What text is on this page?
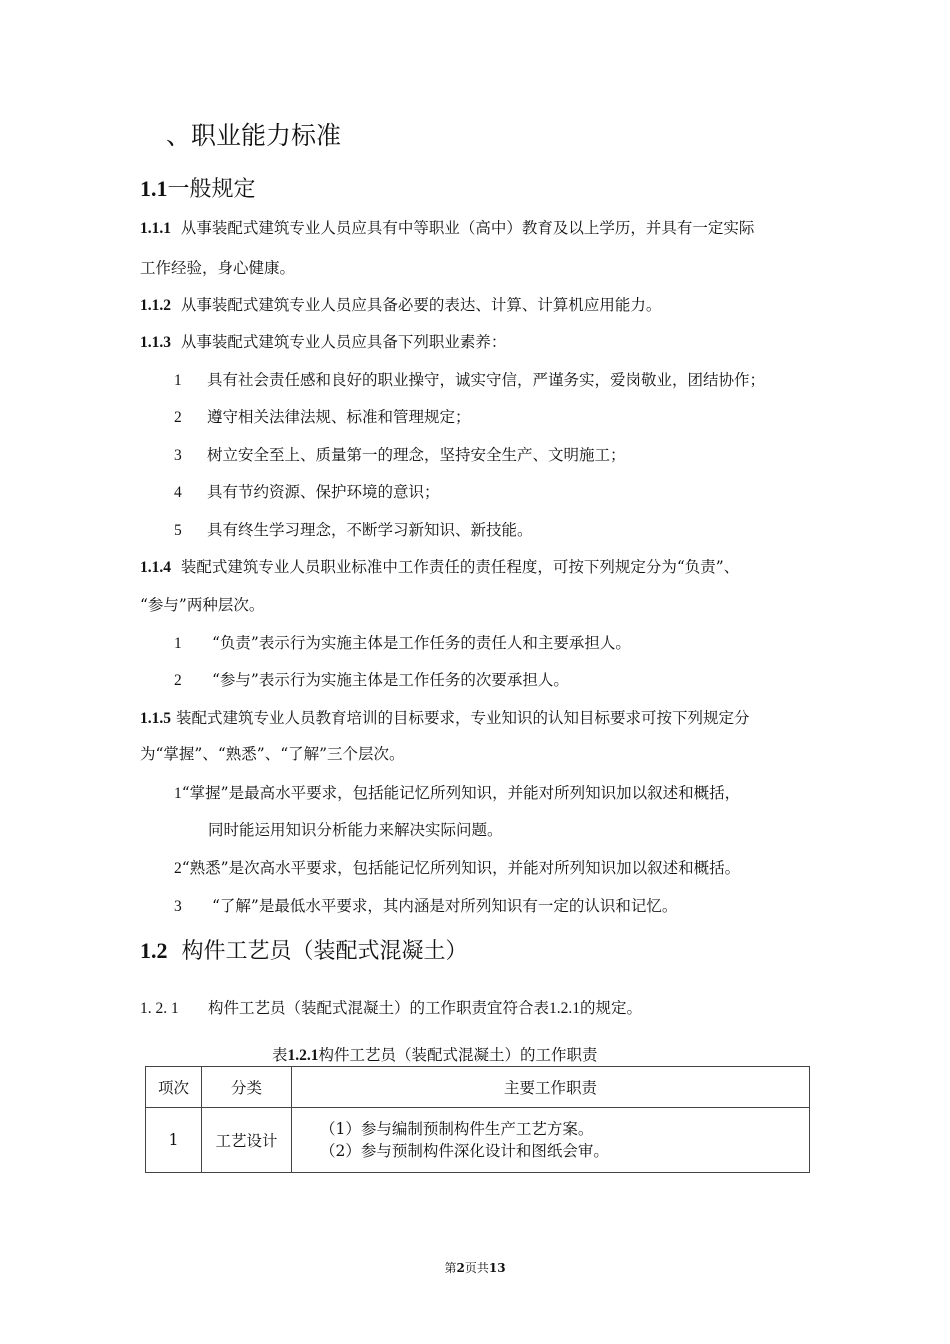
、职业能力标准
1.1一般规定
1.1.1 从事装配式建筑专业人员应具有中等职业（高中）教育及以上学历，并具有一定实际
工作经验，身心健康。
1.1.2 从事装配式建筑专业人员应具备必要的表达、计算、计算机应用能力。
1.1.3 从事装配式建筑专业人员应具备下列职业素养：
1 具有社会责任感和良好的职业操守，诚实守信，严谨务实，爱岗敬业，团结协作；
2 遵守相关法律法规、标准和管理规定；
3 树立安全至上、质量第一的理念，坚持安全生产、文明施工；
4 具有节约资源、保护环境的意识；
5 具有终生学习理念，不断学习新知识、新技能。
1.1.4 装配式建筑专业人员职业标准中工作责任的责任程度，可按下列规定分为“负责”、
“参与”两种层次。
1 “负责”表示行为实施主体是工作任务的责任人和主要承担人。
2 “参与”表示行为实施主体是工作任务的次要承担人。
1.1.5 装配式建筑专业人员教育培训的目标要求，专业知识的认知目标要求可按下列规定分
为“掌握”、“熟悉”、“了解”三个层次。
1“掌握”是最高水平要求，包括能记忆所列知识，并能对所列知识加以叙述和概括，
同时能运用知识分析能力来解决实际问题。
2“熟悉”是次高水平要求，包括能记忆所列知识，并能对所列知识加以叙述和概括。
3 “了解”是最低水平要求，其内涵是对所列知识有一定的认识和记忆。
1.2 构件工艺员（装配式混凝土）
1. 2. 1 构件工艺员（装配式混凝土）的工作职责宜符合表1.2.1的规定。
表1.2.1构件工艺员（装配式混凝土）的工作职责
项次	分类	主要工作职责
1	工艺设计	（1）参与编制预制构件生产工艺方案。
（2）参与预制构件深化设计和图纸会审。
第2页共13
